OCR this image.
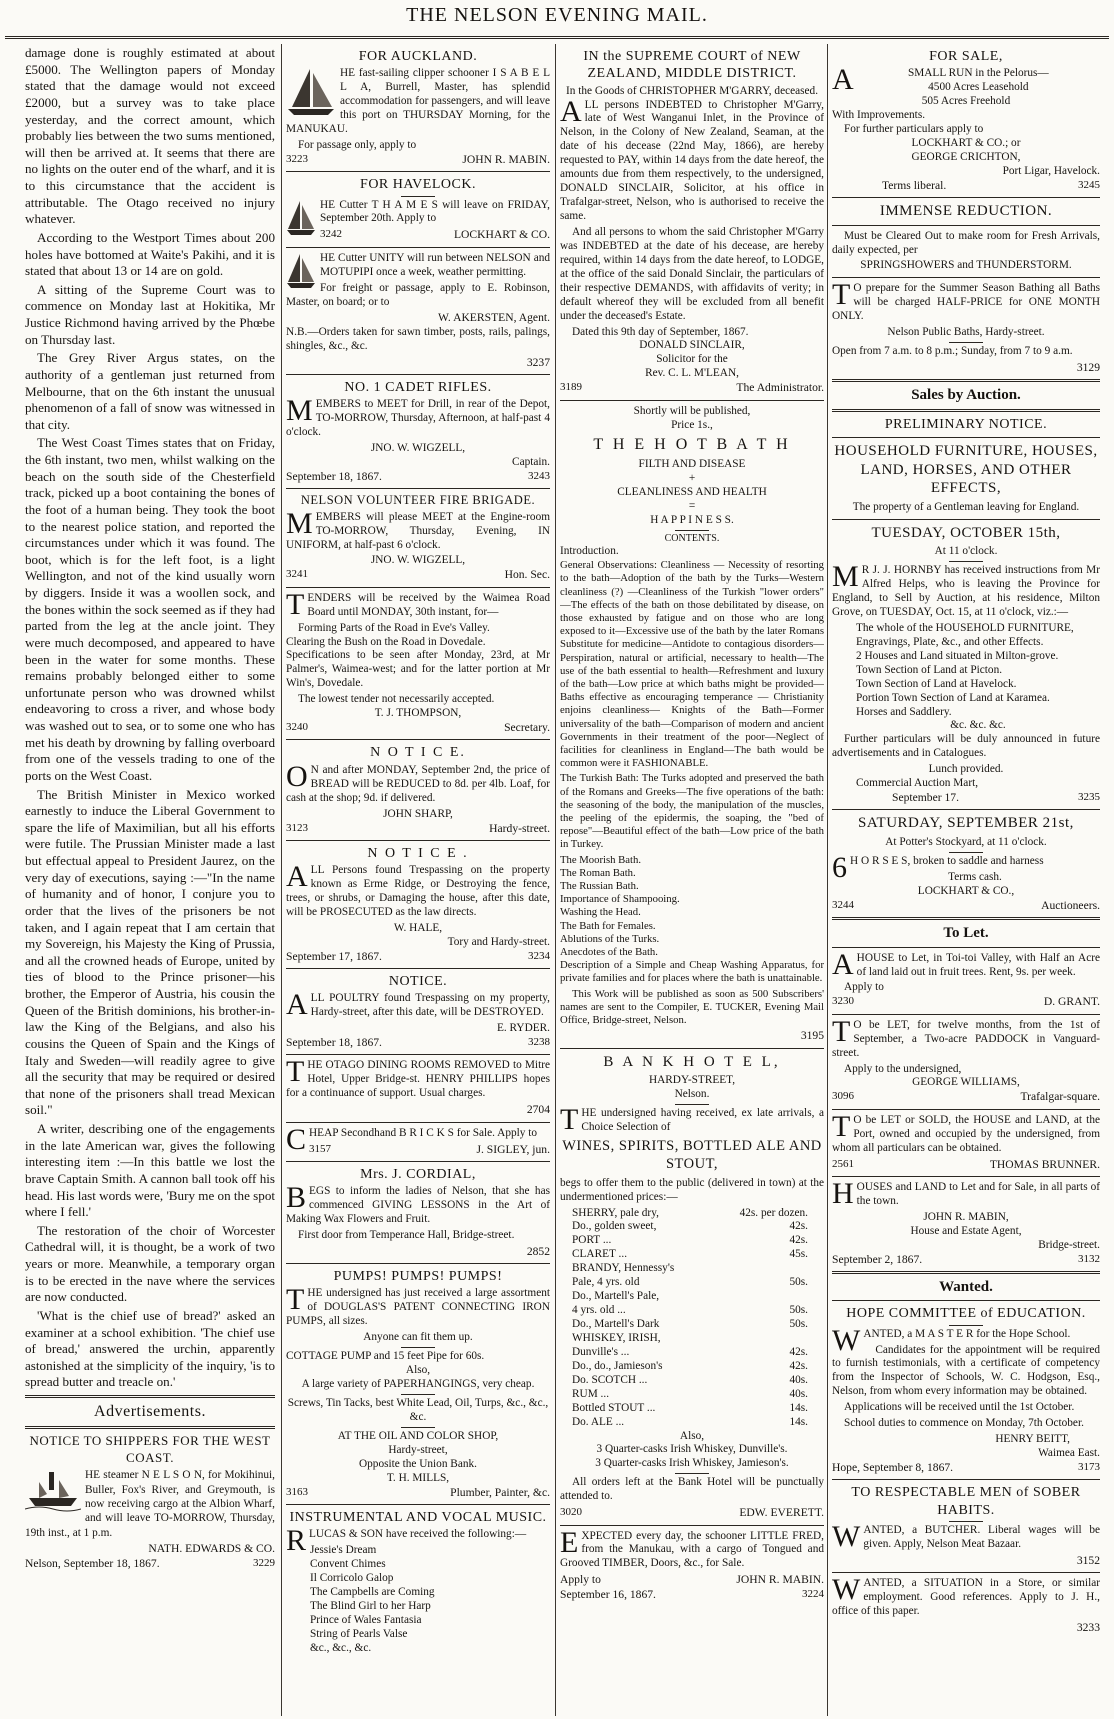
THE NELSON EVENING MAIL.

damage done is roughly estimated at about £5000. The Wellington papers of Monday stated that the damage would not exceed £2000, but a survey was to take place yesterday, and the correct amount, which probably lies between the two sums mentioned, will then be arrived at. It seems that there are no lights on the outer end of the wharf, and it is to this circumstance that the accident is attributable. The Otago received no injury whatever.

According to the Westport Times about 200 holes have bottomed at Waite's Pakihi, and it is stated that about 13 or 14 are on gold.

A sitting of the Supreme Court was to commence on Monday last at Hokitika, Mr Justice Richmond having arrived by the Phœbe on Thursday last.

The Grey River Argus states, on the authority of a gentleman just returned from Melbourne, that on the 6th instant the unusual phenomenon of a fall of snow was witnessed in that city.

The West Coast Times states that on Friday, the 6th instant, two men, whilst walking on the beach on the south side of the Chesterfield track, picked up a boot containing the bones of the foot of a human being. They took the boot to the nearest police station, and reported the circumstances under which it was found. The boot, which is for the left foot, is a light Wellington, and not of the kind usually worn by diggers. Inside it was a woollen sock, and the bones within the sock seemed as if they had parted from the leg at the ancle joint. They were much decomposed, and appeared to have been in the water for some months. These remains probably belonged either to some unfortunate person who was drowned whilst endeavoring to cross a river, and whose body was washed out to sea, or to some one who has met his death by drowning by falling overboard from one of the vessels trading to one of the ports on the West Coast.

The British Minister in Mexico worked earnestly to induce the Liberal Government to spare the life of Maximilian, but all his efforts were futile. The Prussian Minister made a last but effectual appeal to President Jaurez, on the very day of executions, saying :—"In the name of humanity and of honor, I conjure you to order that the lives of the prisoners be not taken, and I again repeat that I am certain that my Sovereign, his Majesty the King of Prussia, and all the crowned heads of Europe, united by ties of blood to the Prince prisoner—his brother, the Emperor of Austria, his cousin the Queen of the British dominions, his brother-in-law the King of the Belgians, and also his cousins the Queen of Spain and the Kings of Italy and Sweden—will readily agree to give all the security that may be required or desired that none of the prisoners shall tread Mexican soil."

A writer, describing one of the engagements in the late American war, gives the following interesting item :—In this battle we lost the brave Captain Smith. A cannon ball took off his head. His last words were, 'Bury me on the spot where I fell.'

The restoration of the choir of Worcester Cathedral will, it is thought, be a work of two years or more. Meanwhile, a temporary organ is to be erected in the nave where the services are now conducted.

'What is the chief use of bread?' asked an examiner at a school exhibition. 'The chief use of bread,' answered the urchin, apparently astonished at the simplicity of the inquiry, 'is to spread butter and treacle on.'

Advertisements.
NOTICE TO SHIPPERS FOR THE WEST COAST.

HE steamer N E L S O N, for Mokihinui, Buller, Fox's River, and Greymouth, is now receiving cargo at the Albion Wharf, and will leave TO-MORROW, Thursday, 19th inst., at 1 p.m.

NATH. EDWARDS & CO.
Nelson, September 18, 1867.	3229
FOR AUCKLAND.

HE fast-sailing clipper schooner I S A B E L L A, Burrell, Master, has splendid accommodation for passengers, and will leave this port on THURSDAY Morning, for the MANUKAU.

For passage only, apply to
3223	JOHN R. MABIN.
FOR HAVELOCK.

HE Cutter T H A M E S will leave on FRIDAY, September 20th. Apply to

3242	LOCKHART & CO.

HE Cutter UNITY will run between NELSON and MOTUPIPI once a week, weather permitting.

For freight or passage, apply to E. Robinson, Master, on board; or to

W. AKERSTEN, Agent.

N.B.—Orders taken for sawn timber, posts, rails, palings, shingles, &c., &c.

3237
NO. 1 CADET RIFLES.
M EMBERS to MEET for Drill, in rear of the Depot, TO-MORROW, Thursday, Afternoon, at half-past 4 o'clock.

JNO. W. WIGZELL,
Captain.
September 18, 1867.	3243
NELSON VOLUNTEER FIRE BRIGADE.
M EMBERS will please MEET at the Engine-room TO-MORROW, Thursday, Evening, IN UNIFORM, at half-past 6 o'clock.

JNO. W. WIGZELL,
3241	Hon. Sec.
T ENDERS will be received by the Waimea Road Board until MONDAY, 30th instant, for—

Forming Parts of the Road in Eve's Valley.
Clearing the Bush on the Road in Dovedale.

Specifications to be seen after Monday, 23rd, at Mr Palmer's, Waimea-west; and for the latter portion at Mr Win's, Dovedale.

The lowest tender not necessarily accepted.
T. J. THOMPSON,
3240	Secretary.
N O T I C E.
O N and after MONDAY, September 2nd, the price of BREAD will be REDUCED to 8d. per 4lb. Loaf, for cash at the shop; 9d. if delivered.

JOHN SHARP,
3123	Hardy-street.
N O T I C E .
A LL Persons found Trespassing on the property known as Erme Ridge, or Destroying the fence, trees, or shrubs, or Damaging the house, after this date, will be PROSECUTED as the law directs.

W. HALE,
Tory and Hardy-street.
September 17, 1867.	3234
NOTICE.
A LL POULTRY found Trespassing on my property, Hardy-street, after this date, will be DESTROYED.

E. RYDER.
September 18, 1867.	3238
T HE OTAGO DINING ROOMS REMOVED to Mitre Hotel, Upper Bridge-st. HENRY PHILLIPS hopes for a continuance of support. Usual charges.

2704
C HEAP Secondhand B R I C K S for Sale. Apply to

3157	J. SIGLEY, jun.
Mrs. J. CORDIAL,
B EGS to inform the ladies of Nelson, that she has commenced GIVING LESSONS in the Art of Making Wax Flowers and Fruit.

First door from Temperance Hall, Bridge-street.

2852
PUMPS! PUMPS! PUMPS!
T HE undersigned has just received a large assortment of DOUGLAS'S PATENT CONNECTING IRON PUMPS, all sizes.

Anyone can fit them up.
COTTAGE PUMP and 15 feet Pipe for 60s.
Also,
A large variety of PAPERHANGINGS, very cheap.
Screws, Tin Tacks, best White Lead, Oil, Turps, &c., &c., &c.
AT THE OIL AND COLOR SHOP,
Hardy-street,
Opposite the Union Bank.
T. H. MILLS,
3163	Plumber, Painter, &c.
INSTRUMENTAL AND VOCAL MUSIC.
R LUCAS & SON have received the following:—

Jessie's Dream
Convent Chimes
Il Corricolo Galop
The Campbells are Coming
The Blind Girl to her Harp
Prince of Wales Fantasia
String of Pearls Valse
&c., &c., &c.
IN the SUPREME COURT of NEW ZEALAND, MIDDLE DISTRICT.
In the Goods of CHRISTOPHER M'GARRY, deceased.
A LL persons INDEBTED to Christopher M'Garry, late of West Wanganui Inlet, in the Province of Nelson, in the Colony of New Zealand, Seaman, at the date of his decease (22nd May, 1866), are hereby requested to PAY, within 14 days from the date hereof, the amounts due from them respectively, to the undersigned, DONALD SINCLAIR, Solicitor, at his office in Trafalgar-street, Nelson, who is authorised to receive the same.

And all persons to whom the said Christopher M'Garry was INDEBTED at the date of his decease, are hereby required, within 14 days from the date hereof, to LODGE, at the office of the said Donald Sinclair, the particulars of their respective DEMANDS, with affidavits of verity; in default whereof they will be excluded from all benefit under the deceased's Estate.

Dated this 9th day of September, 1867.
DONALD SINCLAIR,
Solicitor for the
Rev. C. L. M'LEAN,
3189	The Administrator.
Shortly will be published,
Price 1s.,
T H E H O T B A T H
FILTH AND DISEASE
+
CLEANLINESS AND HEALTH
=
H A P P I N E S S.
CONTENTS.
Introduction.

General Observations: Cleanliness — Necessity of resorting to the bath—Adoption of the bath by the Turks—Western cleanliness (?) —Cleanliness of the Turkish "lower orders" —The effects of the bath on those debilitated by disease, on those exhausted by fatigue and on those who are long exposed to it—Excessive use of the bath by the later Romans Substitute for medicine—Antidote to contagious disorders—Perspiration, natural or artificial, necessary to health—The use of the bath essential to health—Refreshment and luxury of the bath—Low price at which baths might be provided—Baths effective as encouraging temperance — Christianity enjoins cleanliness— Knights of the Bath—Former universality of the bath—Comparison of modern and ancient Governments in their treatment of the poor—Neglect of facilities for cleanliness in England—The bath would be common were it FASHIONABLE.

The Turkish Bath: The Turks adopted and preserved the bath of the Romans and Greeks—The five operations of the bath: the seasoning of the body, the manipulation of the muscles, the peeling of the epidermis, the soaping, the "bed of repose"—Beautiful effect of the bath—Low price of the bath in Turkey.

The Moorish Bath.
The Roman Bath.
The Russian Bath.
Importance of Shampooing.
Washing the Head.
The Bath for Females.
Ablutions of the Turks.
Anecdotes of the Bath.

Description of a Simple and Cheap Washing Apparatus, for private families and for places where the bath is unattainable.

This Work will be published as soon as 500 Subscribers' names are sent to the Compiler, E. TUCKER, Evening Mail Office, Bridge-street, Nelson.

3195
B A N K H O T E L,
HARDY-STREET,
Nelson.
T HE undersigned having received, ex late arrivals, a Choice Selection of

WINES, SPIRITS, BOTTLED ALE AND STOUT,

begs to offer them to the public (delivered in town) at the undermentioned prices:—

SHERRY, pale dry,	42s. per dozen.
Do., golden sweet,	42s.
PORT ...	42s.
CLARET ...	45s.
BRANDY, Hennessy's
Pale, 4 yrs. old	50s.
Do., Martell's Pale,
4 yrs. old ...	50s.
Do., Martell's Dark	50s.
WHISKEY, IRISH,
Dunville's ...	42s.
Do., do., Jamieson's	42s.
Do. SCOTCH ...	40s.
RUM ...	40s.
Bottled STOUT ...	14s.
Do. ALE ...	14s.
Also,
3 Quarter-casks Irish Whiskey, Dunville's.
3 Quarter-casks Irish Whiskey, Jamieson's.

All orders left at the Bank Hotel will be punctually attended to.

3020	EDW. EVERETT.
E XPECTED every day, the schooner LITTLE FRED, from the Manukau, with a cargo of Tongued and Grooved TIMBER, Doors, &c., for Sale.

Apply to	JOHN R. MABIN.
September 16, 1867.	3224
FOR SALE,
A	SMALL RUN in the Pelorus—
4500 Acres Leasehold
505 Acres Freehold
With Improvements.
For further particulars apply to
LOCKHART & CO.; or
GEORGE CRICHTON,
Port Ligar, Havelock.
Terms liberal.	3245
IMMENSE REDUCTION.

Must be Cleared Out to make room for Fresh Arrivals, daily expected, per

SPRINGSHOWERS and THUNDERSTORM.
T O prepare for the Summer Season Bathing all Baths will be charged HALF-PRICE for ONE MONTH ONLY.

Nelson Public Baths, Hardy-street.

Open from 7 a.m. to 8 p.m.; Sunday, from 7 to 9 a.m.

3129
Sales by Auction.
PRELIMINARY NOTICE.
HOUSEHOLD FURNITURE, HOUSES, LAND, HORSES, AND OTHER EFFECTS,
The property of a Gentleman leaving for England.
TUESDAY, OCTOBER 15th,
At 11 o'clock.
M R J. J. HORNBY has received instructions from Mr Alfred Helps, who is leaving the Province for England, to Sell by Auction, at his residence, Milton Grove, on TUESDAY, Oct. 15, at 11 o'clock, viz.:—

The whole of the HOUSEHOLD FURNITURE, Engravings, Plate, &c., and other Effects.
2 Houses and Land situated in Milton-grove.
Town Section of Land at Picton.
Town Section of Land at Havelock.
Portion Town Section of Land at Karamea.
Horses and Saddlery.
&c. &c. &c.

Further particulars will be duly announced in future advertisements and in Catalogues.

Lunch provided.
Commercial Auction Mart,
September 17.	3235
SATURDAY, SEPTEMBER 21st,
At Potter's Stockyard, at 11 o'clock.
6 H O R S E S, broken to saddle and harness

Terms cash.
LOCKHART & CO.,
3244	Auctioneers.
To Let.
A HOUSE to Let, in Toi-toi Valley, with Half an Acre of land laid out in fruit trees. Rent, 9s. per week.

Apply to
3230	D. GRANT.
T O be LET, for twelve months, from the 1st of September, a Two-acre PADDOCK in Vanguard-street.

Apply to the undersigned,
GEORGE WILLIAMS,
3096	Trafalgar-square.
T O be LET or SOLD, the HOUSE and LAND, at the Port, owned and occupied by the undersigned, from whom all particulars can be obtained.

2561	THOMAS BRUNNER.
H OUSES and LAND to Let and for Sale, in all parts of the town.

JOHN R. MABIN,
House and Estate Agent,
Bridge-street.
September 2, 1867.	3132
Wanted.
HOPE COMMITTEE of EDUCATION.
W ANTED, a M A S T E R for the Hope School.

Candidates for the appointment will be required to furnish testimonials, with a certificate of competency from the Inspector of Schools, W. C. Hodgson, Esq., Nelson, from whom every information may be obtained.

Applications will be received until the 1st October.

School duties to commence on Monday, 7th October.

HENRY BEITT,
Waimea East.
Hope, September 8, 1867.	3173
TO RESPECTABLE MEN of SOBER HABITS.
W ANTED, a BUTCHER. Liberal wages will be given. Apply, Nelson Meat Bazaar.

3152
W ANTED, a SITUATION in a Store, or similar employment. Good references. Apply to J. H., office of this paper.

3233
